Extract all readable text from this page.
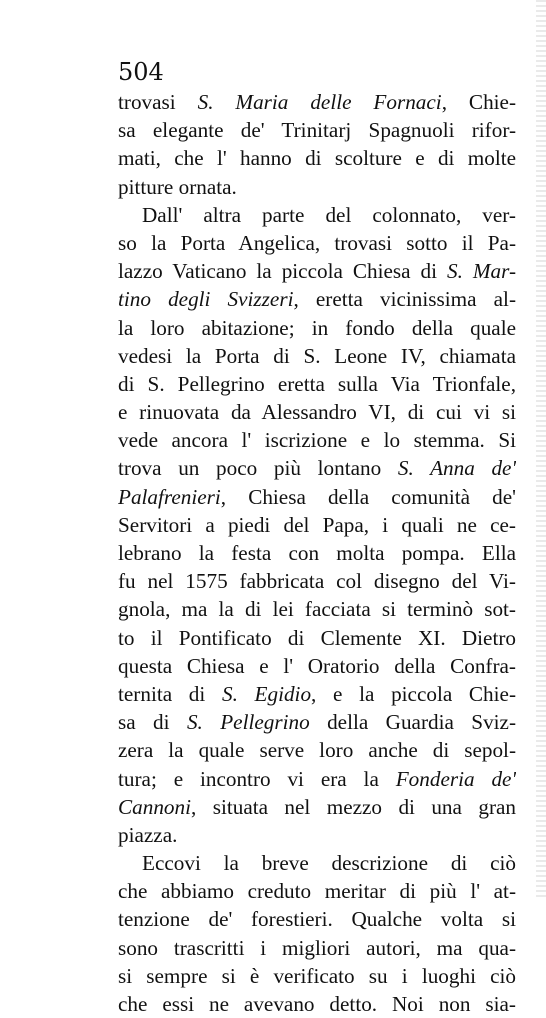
504
trovasi S. Maria delle Fornaci, Chie-
sa elegante de' Trinitarj Spagnuoli rifor-
mati, che l' hanno di scolture e di molte
pitture ornata.
Dall' altra parte del colonnato, ver-
so la Porta Angelica, trovasi sotto il Pa-
lazzo Vaticano la piccola Chiesa di S. Mar-
tino degli Svizzeri, eretta vicinissima al-
la loro abitazione; in fondo della quale
vedesi la Porta di S. Leone IV, chiamata
di S. Pellegrino eretta sulla Via Trionfale,
e rinuovata da Alessandro VI, di cui vi si
vede ancora l' iscrizione e lo stemma. Si
trova un poco più lontano S. Anna de'
Palafrenieri, Chiesa della comunità de'
Servitori a piedi del Papa, i quali ne ce-
lebrano la festa con molta pompa. Ella
fu nel 1575 fabbricata col disegno del Vi-
gnola, ma la di lei facciata si terminò sot-
to il Pontificato di Clemente XI. Dietro
questa Chiesa e l' Oratorio della Confra-
ternita di S. Egidio, e la piccola Chie-
sa di S. Pellegrino della Guardia Sviz-
zera la quale serve loro anche di sepol-
tura; e incontro vi era la Fonderia de'
Cannoni, situata nel mezzo di una gran
piazza.
Eccovi la breve descrizione di ciò
che abbiamo creduto meritar di più l' at-
tenzione de' forestieri. Qualche volta si
sono trascritti i migliori autori, ma qua-
si sempre si è verificato su i luoghi ciò
che essi ne avevano detto. Noi non sia-
